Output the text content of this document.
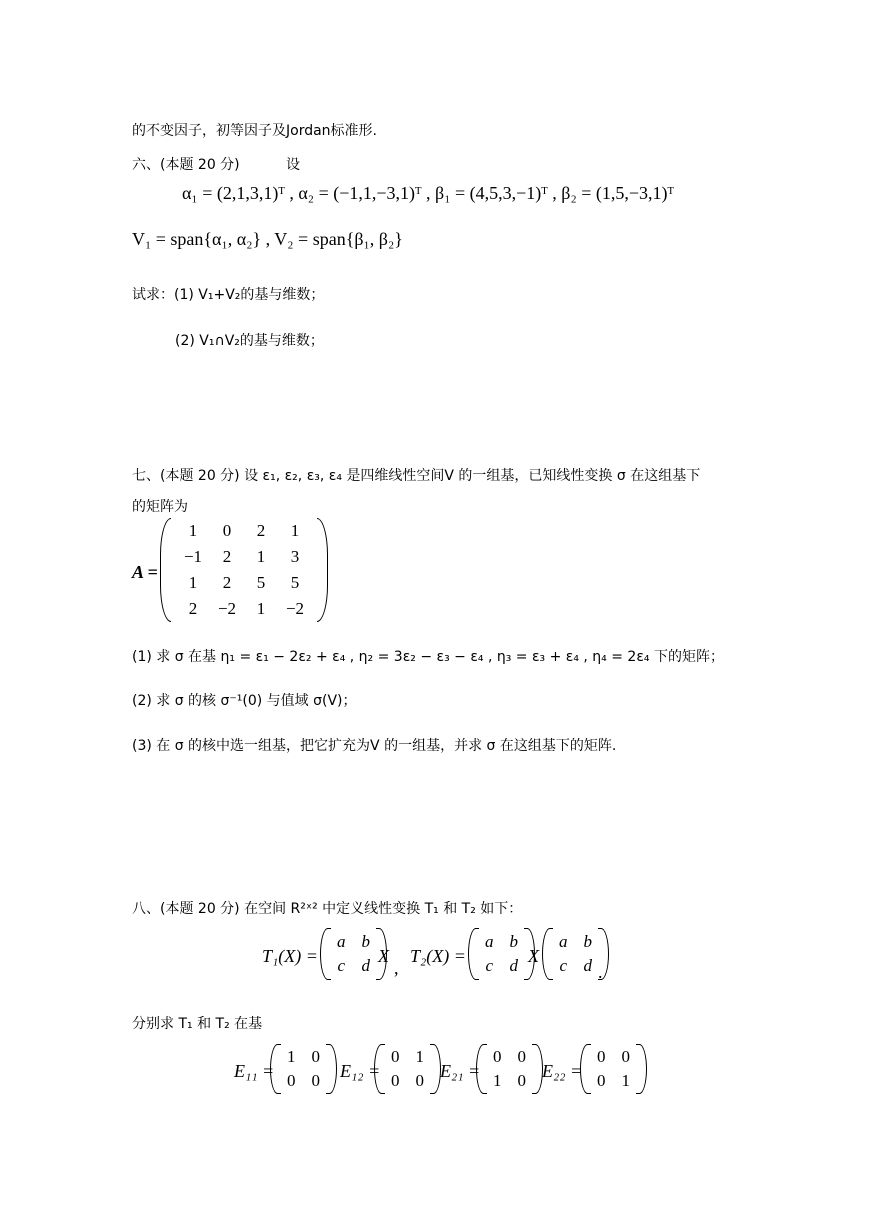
的不变因子，初等因子及Jordan标准形.
六、(本题 20 分)	设
α₁ = (2,1,3,1)ᵀ , α₂ = (−1,1,−3,1)ᵀ , β₁ = (4,5,3,−1)ᵀ , β₂ = (1,5,−3,1)ᵀ
V₁ = span{α₁, α₂} , V₂ = span{β₁, β₂}
试求：(1) V₁+V₂的基与维数；
(2) V₁∩V₂的基与维数；
七、(本题 20 分) 设 ε₁, ε₂, ε₃, ε₄ 是四维线性空间V 的一组基，已知线性变换 σ 在这组基下
的矩阵为
A =
1	0	2	1
−1	2	1	3
1	2	5	5
2	−2	1	−2
(1) 求 σ 在基 η₁ = ε₁ − 2ε₂ + ε₄ , η₂ = 3ε₂ − ε₃ − ε₄ , η₃ = ε₃ + ε₄ , η₄ = 2ε₄ 下的矩阵；
(2) 求 σ 的核 σ⁻¹(0) 与值域 σ(V)；
(3) 在 σ 的核中选一组基，把它扩充为V 的一组基，并求 σ 在这组基下的矩阵.
八、(本题 20 分) 在空间 R²ˣ² 中定义线性变换 T₁ 和 T₂ 如下：
T₁(X) =
a b
c d X
,
T₂(X) =
a b
c d X
a b
c d .
分别求 T₁ 和 T₂ 在基
E₁₁ =
1 0
0 0 E₁₂ =
0 1
0 0 E₂₁ =
0 0
1 0 E₂₂ =
0 0
0 1
